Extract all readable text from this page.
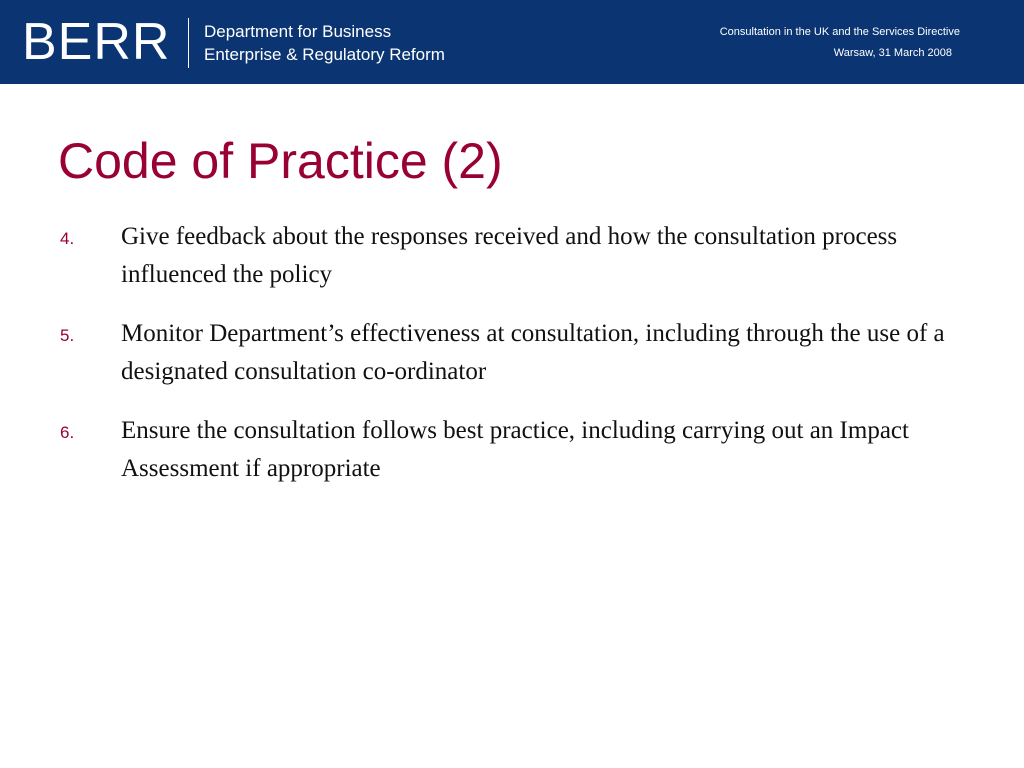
BERR Department for Business
Enterprise & Regulatory Reform
Consultation in the UK and the Services Directive
Warsaw, 31 March 2008
Code of Practice (2)
4. Give feedback about the responses received and how the consultation process influenced the policy
5. Monitor Department’s effectiveness at consultation, including through the use of a designated consultation co-ordinator
6. Ensure the consultation follows best practice, including carrying out an Impact Assessment if appropriate
